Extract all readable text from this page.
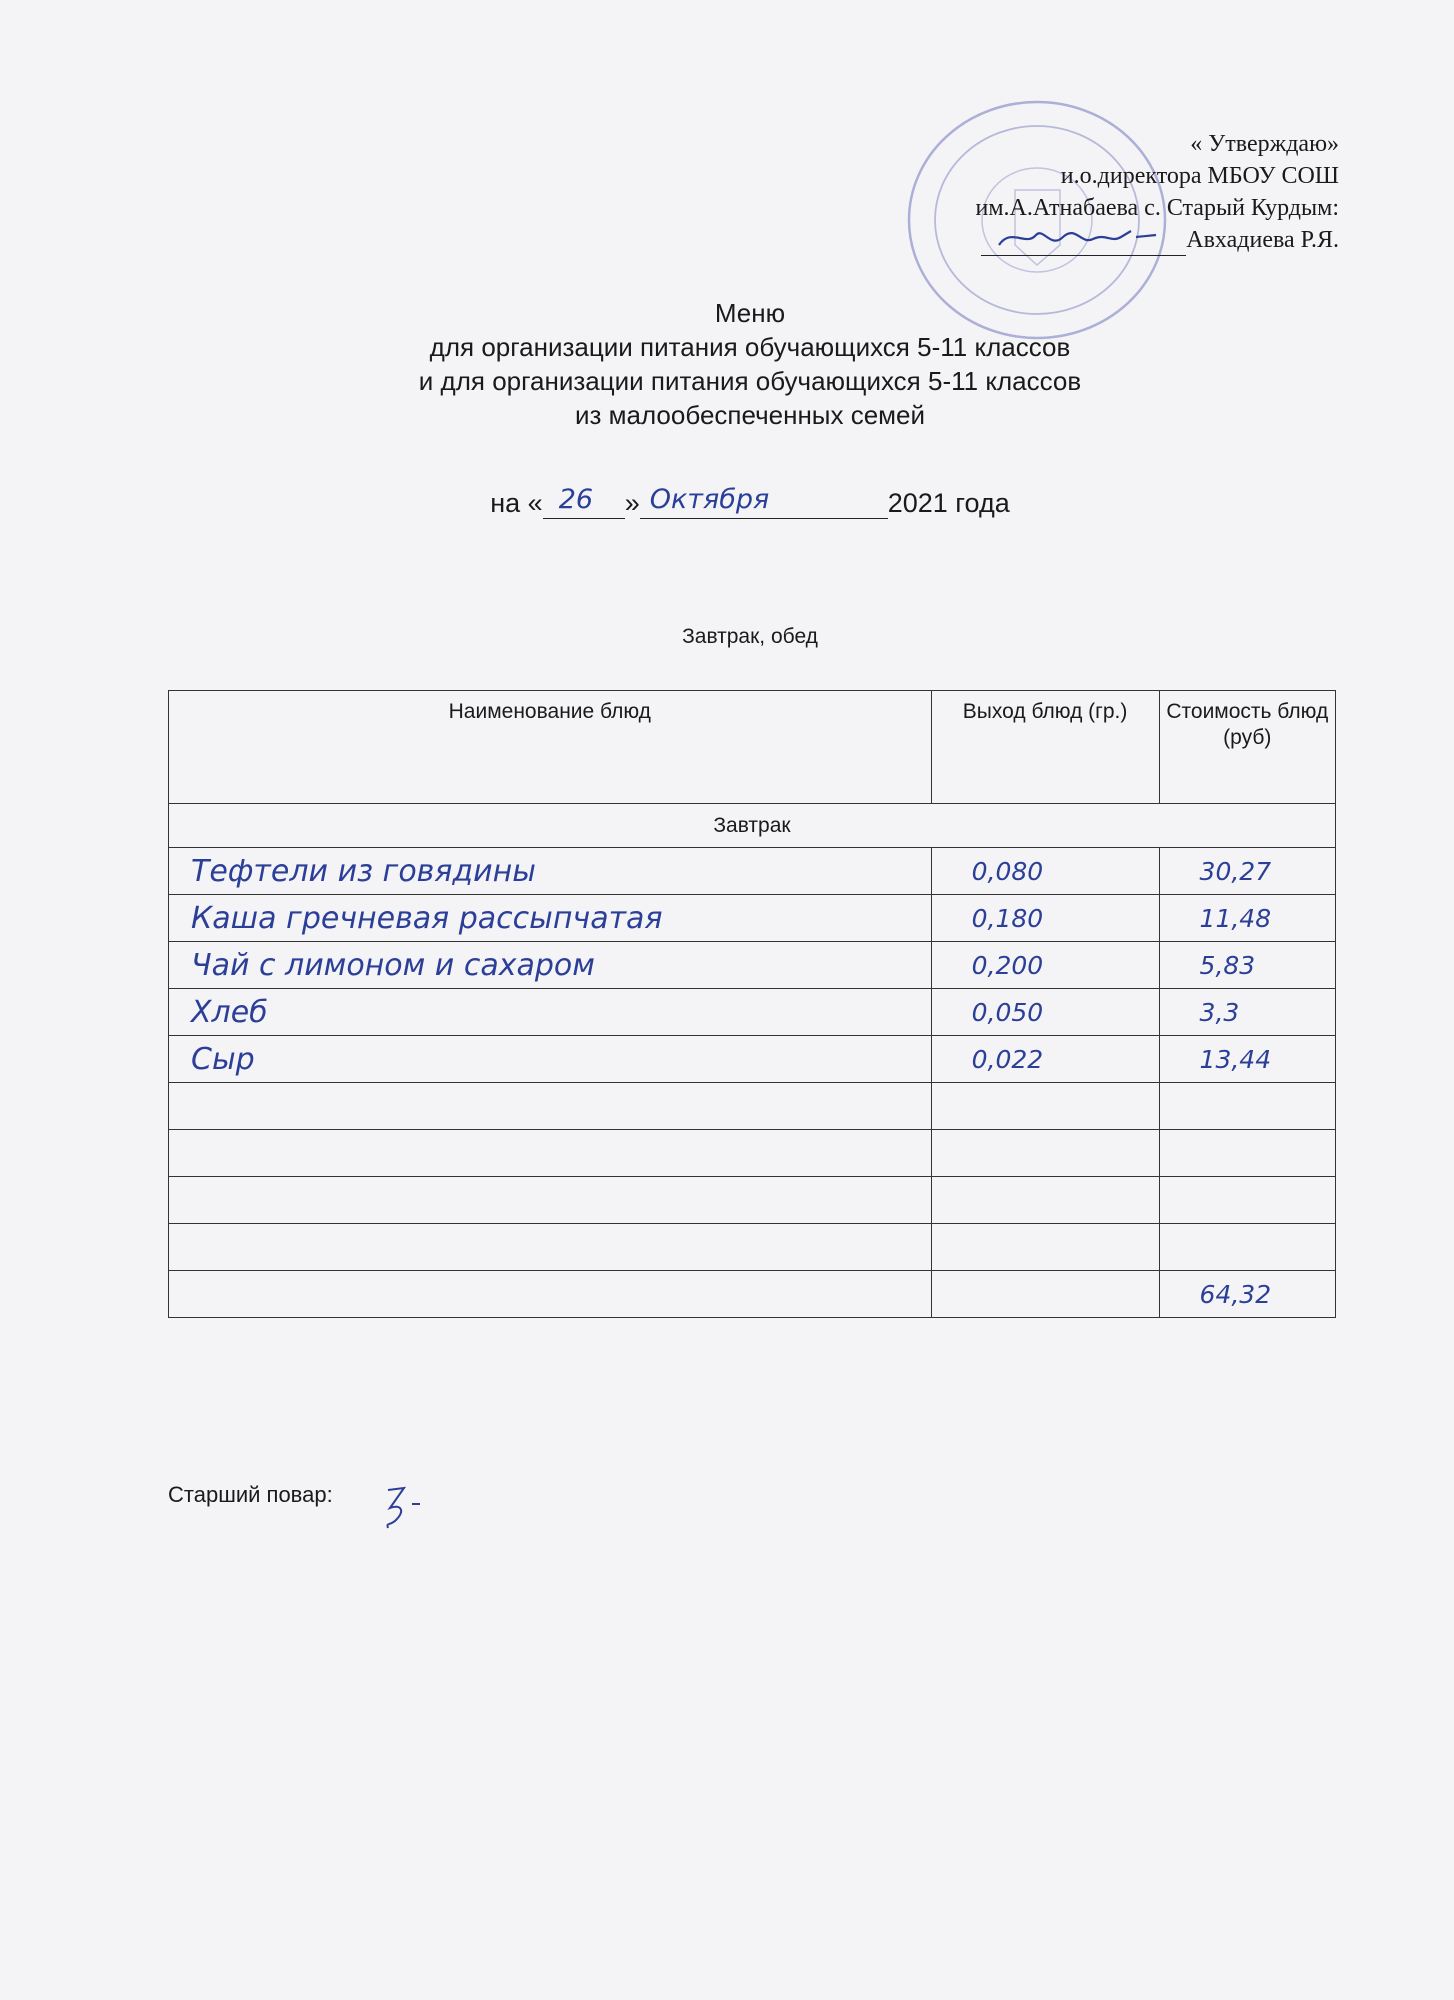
« Утверждаю»
и.о.директора МБОУ СОШ
им.А.Атнабаева с. Старый Курдым:
Авхадиева Р.Я.
Меню
для организации питания обучающихся 5-11 классов
и для организации питания обучающихся 5-11 классов
из малообеспеченных семей
на « 26 » Октября	2021 года
Завтрак, обед
Наименование блюд	Выход блюд (гр.)	Стоимость блюд (руб)
Завтрак		
Тефтели из говядины	0,080	30,27
Каша гречневая рассыпчатая	0,180	11,48
Чай с лимоном и сахаром	0,200	5,83
Хлеб	0,050	3,3
Сыр	0,022	13,44

		64,32
Старший повар:
